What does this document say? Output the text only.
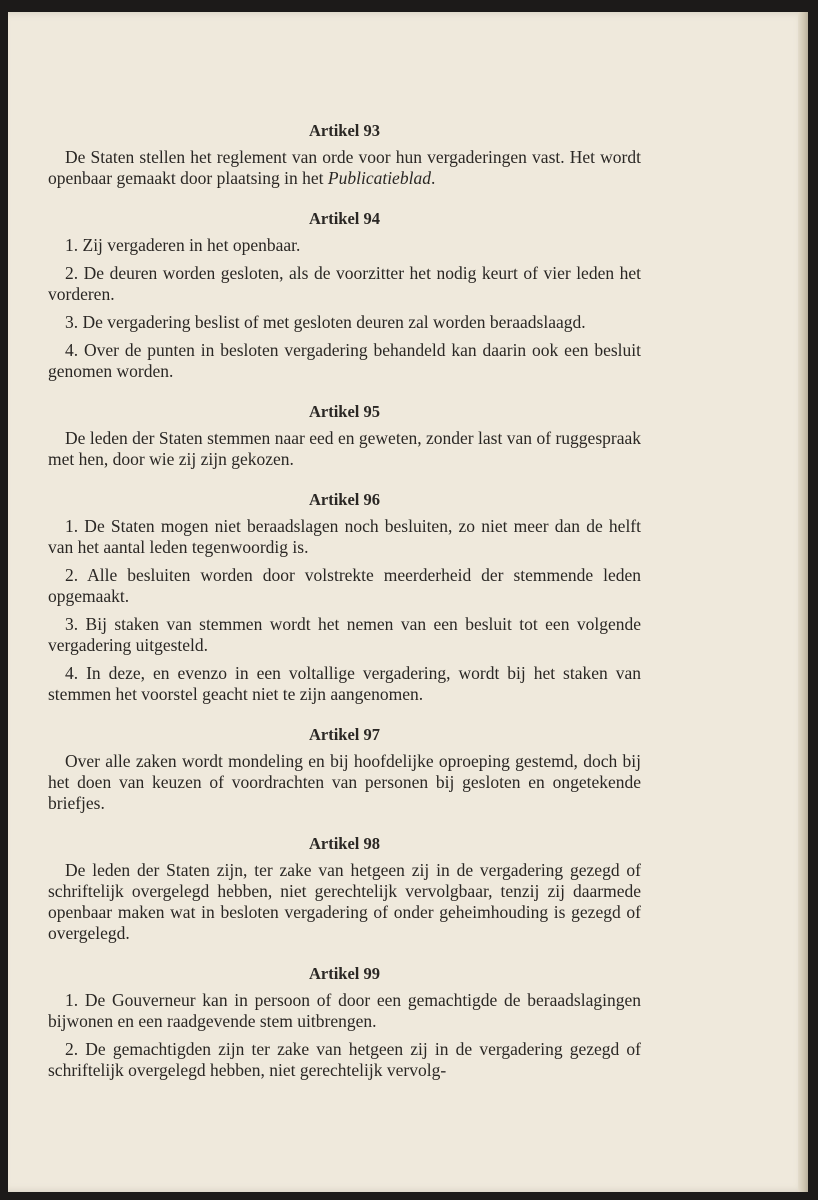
Artikel 93

De Staten stellen het reglement van orde voor hun vergaderingen vast. Het wordt openbaar gemaakt door plaatsing in het Publicatieblad.

Artikel 94

1. Zij vergaderen in het openbaar.

2. De deuren worden gesloten, als de voorzitter het nodig keurt of vier leden het vorderen.

3. De vergadering beslist of met gesloten deuren zal worden beraadslaagd.

4. Over de punten in besloten vergadering behandeld kan daarin ook een besluit genomen worden.

Artikel 95

De leden der Staten stemmen naar eed en geweten, zonder last van of ruggespraak met hen, door wie zij zijn gekozen.

Artikel 96

1. De Staten mogen niet beraadslagen noch besluiten, zo niet meer dan de helft van het aantal leden tegenwoordig is.

2. Alle besluiten worden door volstrekte meerderheid der stemmende leden opgemaakt.

3. Bij staken van stemmen wordt het nemen van een besluit tot een volgende vergadering uitgesteld.

4. In deze, en evenzo in een voltallige vergadering, wordt bij het staken van stemmen het voorstel geacht niet te zijn aangenomen.

Artikel 97

Over alle zaken wordt mondeling en bij hoofdelijke oproeping gestemd, doch bij het doen van keuzen of voordrachten van personen bij gesloten en ongetekende briefjes.

Artikel 98

De leden der Staten zijn, ter zake van hetgeen zij in de vergadering gezegd of schriftelijk overgelegd hebben, niet gerechtelijk vervolgbaar, tenzij zij daarmede openbaar maken wat in besloten vergadering of onder geheimhouding is gezegd of overgelegd.

Artikel 99

1. De Gouverneur kan in persoon of door een gemachtigde de beraadslagingen bijwonen en een raadgevende stem uitbrengen.

2. De gemachtigden zijn ter zake van hetgeen zij in de vergadering gezegd of schriftelijk overgelegd hebben, niet gerechtelijk vervolg-
